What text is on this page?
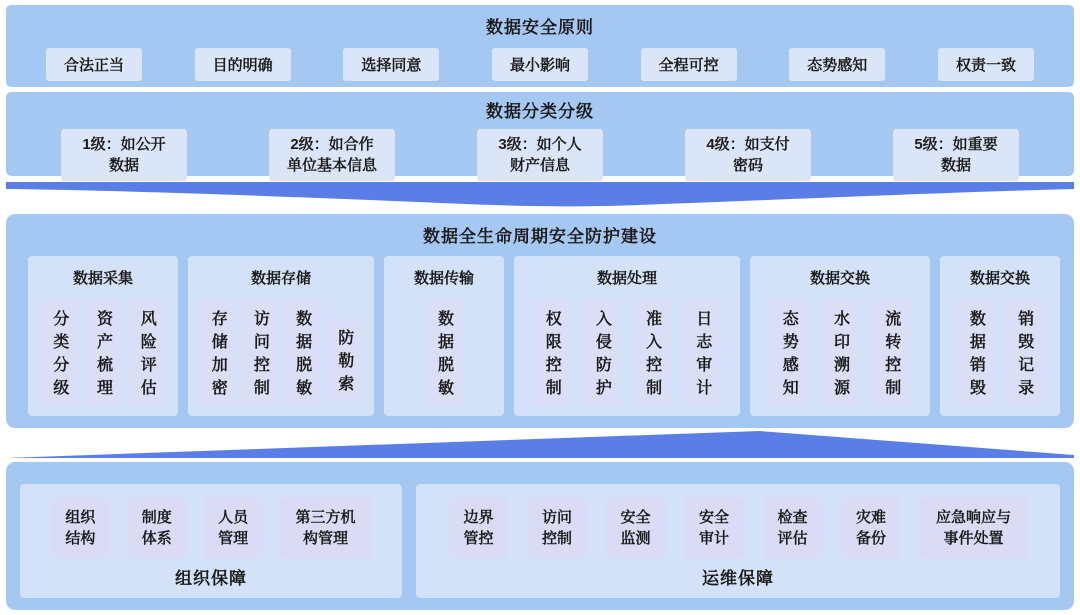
数据安全原则
合法正当	目的明确	选择同意	最小影响	全程可控	态势感知	权责一致
数据分类分级
1级：如公开数据
2级：如合作单位基本信息
3级：如个人财产信息
4级：如支付密码
5级：如重要数据
数据全生命周期安全防护建设
数据采集
分类分级	资产梳理	风险评估
数据存储
存储加密	访问控制	数据脱敏	防勒索
数据传输
数据脱敏
数据处理
权限控制	入侵防护	准入控制	日志审计
数据交换
态势感知	水印溯源	流转控制
数据交换
数据销毁	销毁记录
组织结构
制度体系
人员管理
第三方机构管理
组织保障
边界管控
访问控制
安全监测
安全审计
检查评估
灾难备份
应急响应与事件处置
运维保障
